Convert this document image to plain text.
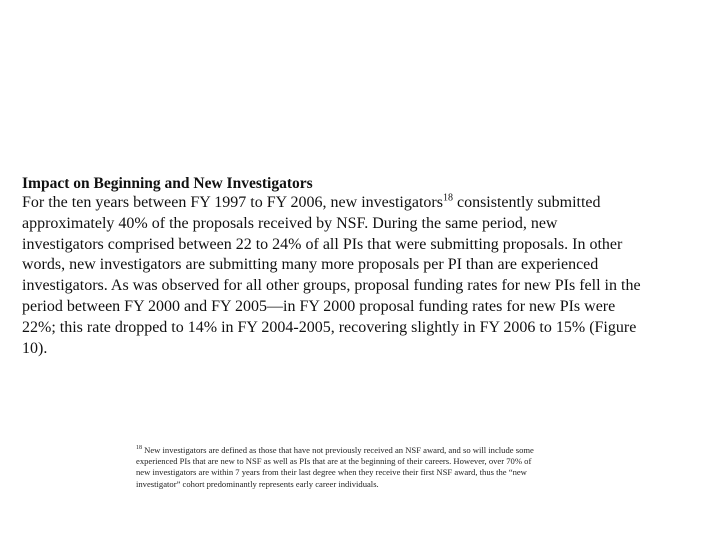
Impact on Beginning and New Investigators

For the ten years between FY 1997 to FY 2006, new investigators$^{18}$ consistently submitted
approximately 40% of the proposals received by NSF. During the same period, new
investigators comprised between 22 to 24% of all PIs that were submitting proposals. In other
words, new investigators are submitting many more proposals per PI than are experienced
investigators. As was observed for all other groups, proposal funding rates for new PIs fell in the
period between FY 2000 and FY 2005—in FY 2000 proposal funding rates for new PIs were
22%; this rate dropped to 14% in FY 2004-2005, recovering slightly in FY 2006 to 15% (Figure
10).

$^{18}$ New investigators are defined as those that have not previously received an NSF award, and so will include some
experienced PIs that are new to NSF as well as PIs that are at the beginning of their careers. However, over 70% of
new investigators are within 7 years from their last degree when they receive their first NSF award, thus the “new
investigator” cohort predominantly represents early career individuals.
